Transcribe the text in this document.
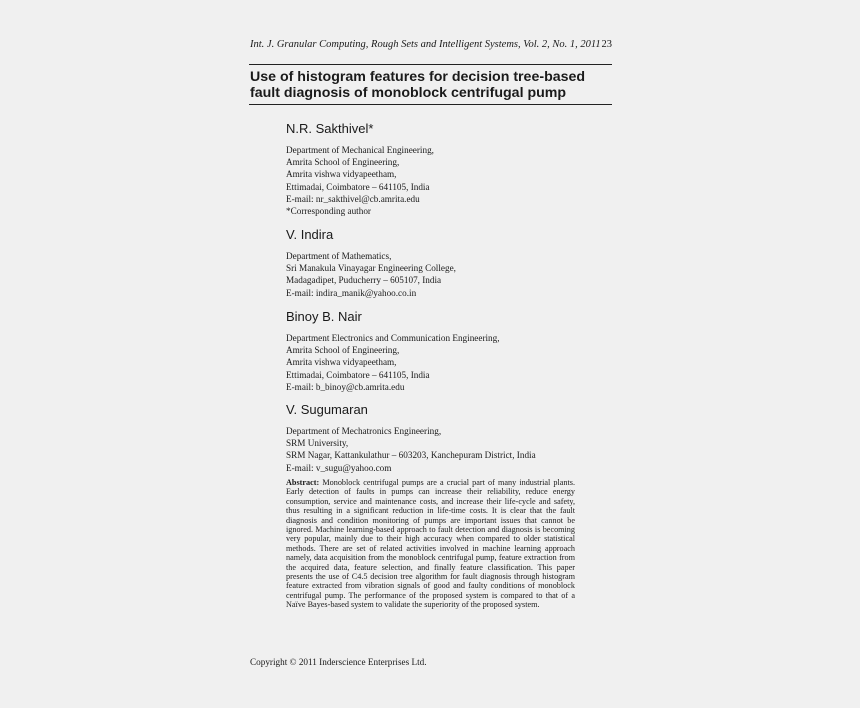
Int. J. Granular Computing, Rough Sets and Intelligent Systems, Vol. 2, No. 1, 2011 23
Use of histogram features for decision tree-based
fault diagnosis of monoblock centrifugal pump
N.R. Sakthivel*
Department of Mechanical Engineering,
Amrita School of Engineering,
Amrita vishwa vidyapeetham,
Ettimadai, Coimbatore – 641105, India
E-mail: nr_sakthivel@cb.amrita.edu
*Corresponding author
V. Indira
Department of Mathematics,
Sri Manakula Vinayagar Engineering College,
Madagadipet, Puducherry – 605107, India
E-mail: indira_manik@yahoo.co.in
Binoy B. Nair
Department Electronics and Communication Engineering,
Amrita School of Engineering,
Amrita vishwa vidyapeetham,
Ettimadai, Coimbatore – 641105, India
E-mail: b_binoy@cb.amrita.edu
V. Sugumaran
Department of Mechatronics Engineering,
SRM University,
SRM Nagar, Kattankulathur – 603203, Kanchepuram District, India
E-mail: v_sugu@yahoo.com

Abstract: Monoblock centrifugal pumps are a crucial part of many industrial plants. Early detection of faults in pumps can increase their reliability, reduce energy consumption, service and maintenance costs, and increase their life-cycle and safety, thus resulting in a significant reduction in life-time costs. It is clear that the fault diagnosis and condition monitoring of pumps are important issues that cannot be ignored. Machine learning-based approach to fault detection and diagnosis is becoming very popular, mainly due to their high accuracy when compared to older statistical methods. There are set of related activities involved in machine learning approach namely, data acquisition from the monoblock centrifugal pump, feature extraction from the acquired data, feature selection, and finally feature classification. This paper presents the use of C4.5 decision tree algorithm for fault diagnosis through histogram feature extracted from vibration signals of good and faulty conditions of monoblock centrifugal pump. The performance of the proposed system is compared to that of a Naïve Bayes-based system to validate the superiority of the proposed system.

Copyright © 2011 Inderscience Enterprises Ltd.
